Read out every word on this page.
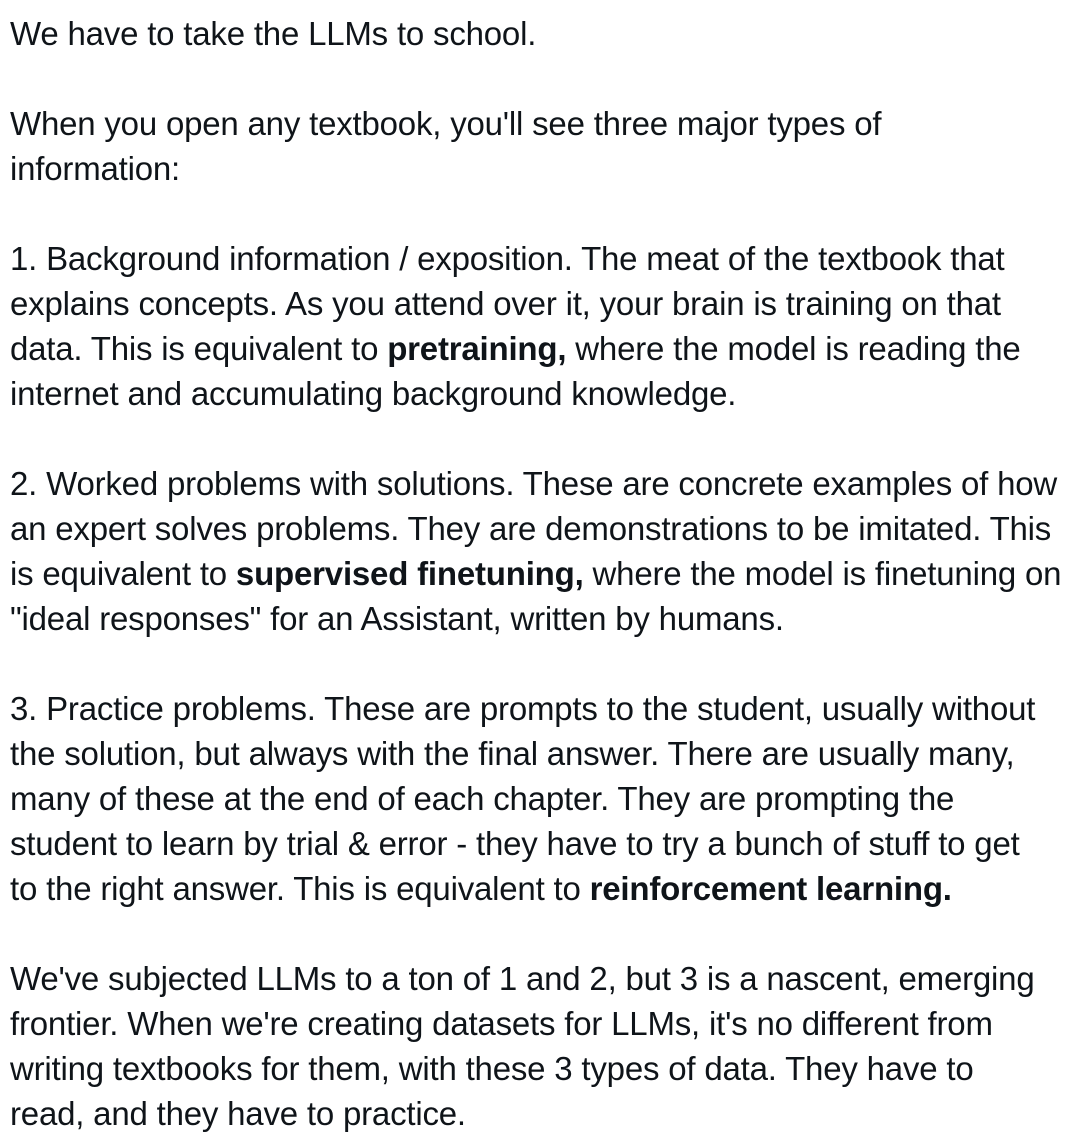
We have to take the LLMs to school.
When you open any textbook, you'll see three major types of
information:
1. Background information / exposition. The meat of the textbook that
explains concepts. As you attend over it, your brain is training on that
data. This is equivalent to pretraining, where the model is reading the
internet and accumulating background knowledge.
2. Worked problems with solutions. These are concrete examples of how
an expert solves problems. They are demonstrations to be imitated. This
is equivalent to supervised finetuning, where the model is finetuning on
"ideal responses" for an Assistant, written by humans.
3. Practice problems. These are prompts to the student, usually without
the solution, but always with the final answer. There are usually many,
many of these at the end of each chapter. They are prompting the
student to learn by trial & error - they have to try a bunch of stuff to get
to the right answer. This is equivalent to reinforcement learning.
We've subjected LLMs to a ton of 1 and 2, but 3 is a nascent, emerging
frontier. When we're creating datasets for LLMs, it's no different from
writing textbooks for them, with these 3 types of data. They have to
read, and they have to practice.
